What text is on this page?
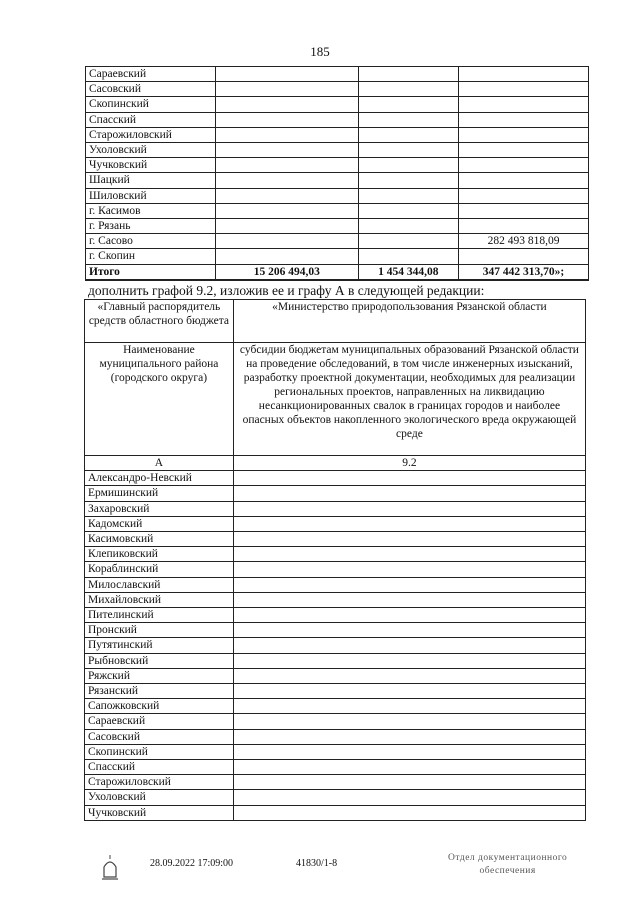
185
Сараевский			
Сасовский			
Скопинский			
Спасский			
Старожиловский			
Ухоловский			
Чучковский			
Шацкий			
Шиловский			
г. Касимов			
г. Рязань			
г. Сасово			282 493 818,09
г. Скопин			
Итого	15 206 494,03	1 454 344,08	347 442 313,70»;
дополнить графой 9.2, изложив ее и графу А в следующей редакции:
«Главный распорядитель средств областного бюджета	«Министерство природопользования Рязанской области
Наименование муниципального района (городского округа)	субсидии бюджетам муниципальных образований Рязанской области на проведение обследований, в том числе инженерных изысканий, разработку проектной документации, необходимых для реализации региональных проектов, направленных на ликвидацию несанкционированных свалок в границах городов и наиболее опасных объектов накопленного экологического вреда окружающей среде
А	9.2
Александро-Невский	
Ермишинский	
Захаровский	
Кадомский	
Касимовский	
Клепиковский	
Кораблинский	
Милославский	
Михайловский	
Пителинский	
Пронский	
Путятинский	
Рыбновский	
Ряжский	
Рязанский	
Сапожковский	
Сараевский	
Сасовский	
Скопинский	
Спасский	
Старожиловский	
Ухоловский	
Чучковский	
28.09.2022 17:09:00	41830/1-8	Отдел документационного
обеспечения
